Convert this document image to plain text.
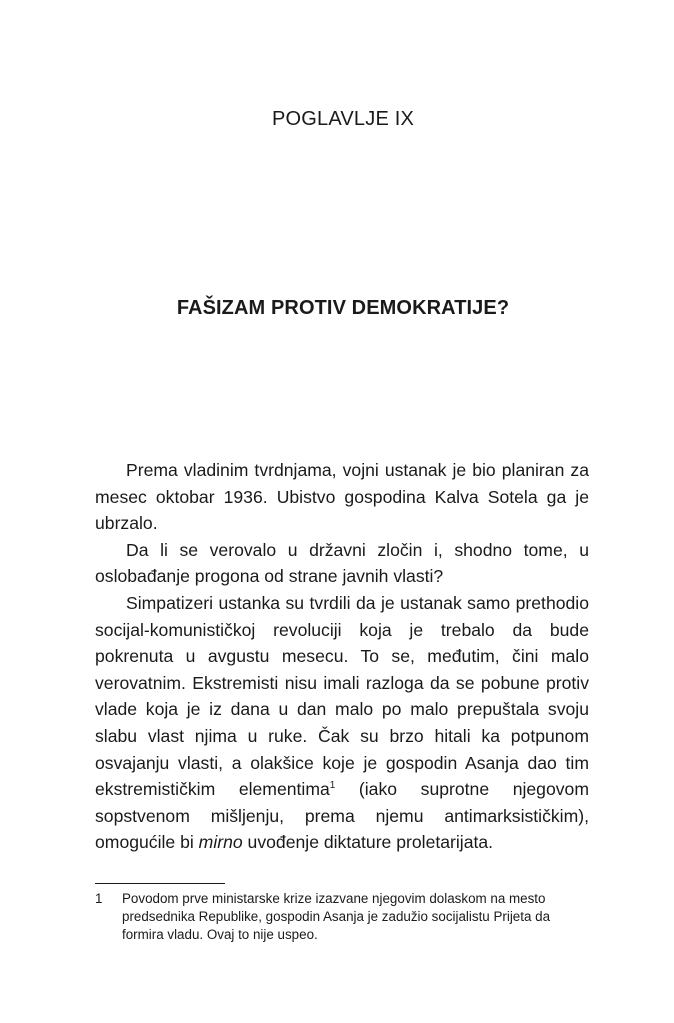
POGLAVLJE IX
FAŠIZAM PROTIV DEMOKRATIJE?

Prema vladinim tvrdnjama, vojni ustanak je bio planiran za mesec oktobar 1936. Ubistvo gospodina Kalva Sotela ga je ubrzalo.

Da li se verovalo u državni zločin i, shodno tome, u oslobađanje progona od strane javnih vlasti?

Simpatizeri ustanka su tvrdili da je ustanak samo prethodio socijal-komunističkoj revoluciji koja je trebalo da bude pokrenuta u avgustu mesecu. To se, međutim, čini malo verovatnim. Ekstremisti nisu imali razloga da se pobune protiv vlade koja je iz dana u dan malo po malo prepuštala svoju slabu vlast njima u ruke. Čak su brzo hitali ka potpunom osvajanju vlasti, a olakšice koje je gospodin Asanja dao tim ekstremističkim elementima$^1$ (iako suprotne njegovom sopstvenom mišljenju, prema njemu antimarksističkim), omogućile bi mirno uvođenje diktature proletarijata.

1 Povodom prve ministarske krize izazvane njegovim dolaskom na mesto predsednika Republike, gospodin Asanja je zadužio socijalistu Prijeta da formira vladu. Ovaj to nije uspeo.
